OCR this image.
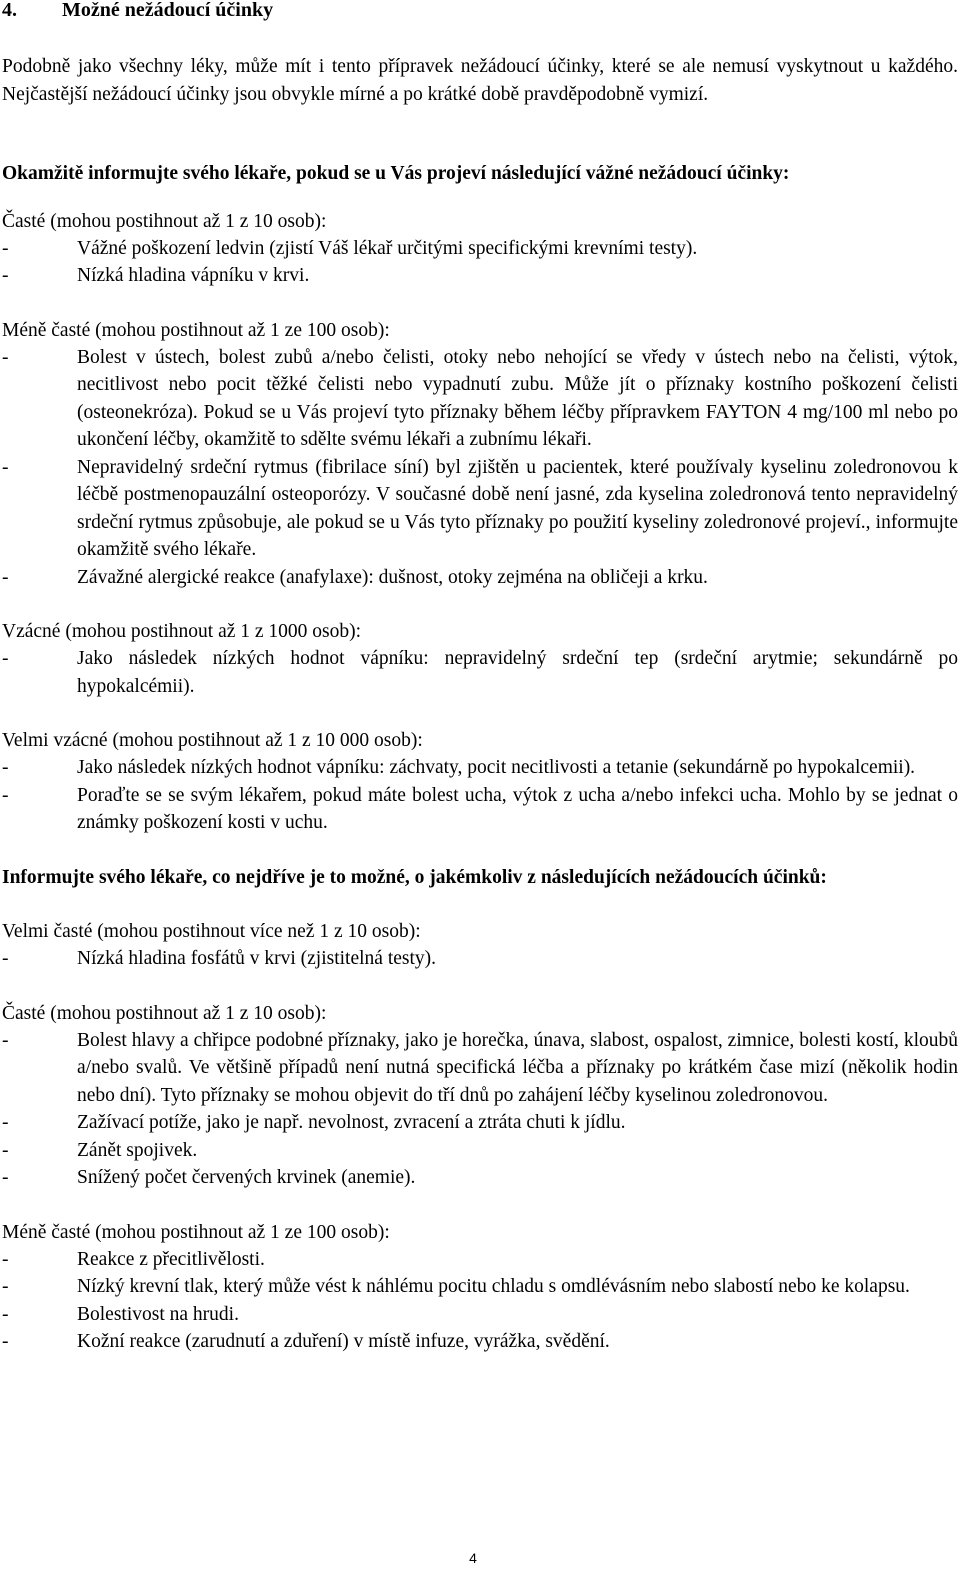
4. Možné nežádoucí účinky

Podobně jako všechny léky, může mít i tento přípravek nežádoucí účinky, které se ale nemusí vyskytnout u každého. Nejčastější nežádoucí účinky jsou obvykle mírné a po krátké době pravděpodobně vymizí.

Okamžitě informujte svého lékaře, pokud se u Vás projeví následující vážné nežádoucí účinky:

Časté (mohou postihnout až 1 z 10 osob):

-	Vážné poškození ledvin (zjistí Váš lékař určitými specifickými krevními testy).
-	Nízká hladina vápníku v krvi.

Méně časté (mohou postihnout až 1 ze 100 osob):

-	Bolest v ústech, bolest zubů a/nebo čelisti, otoky nebo nehojící se vředy v ústech nebo na čelisti, výtok, necitlivost nebo pocit těžké čelisti nebo vypadnutí zubu. Může jít o příznaky kostního poškození čelisti (osteonekróza). Pokud se u Vás projeví tyto příznaky během léčby přípravkem FAYTON 4 mg/100 ml nebo po ukončení léčby, okamžitě to sdělte svému lékaři a zubnímu lékaři.
-	Nepravidelný srdeční rytmus (fibrilace síní) byl zjištěn u pacientek, které používaly kyselinu zoledronovou k léčbě postmenopauzální osteoporózy. V současné době není jasné, zda kyselina zoledronová tento nepravidelný srdeční rytmus způsobuje, ale pokud se u Vás tyto příznaky po použití kyseliny zoledronové projeví., informujte okamžitě svého lékaře.
-	Závažné alergické reakce (anafylaxe): dušnost, otoky zejména na obličeji a krku.

Vzácné (mohou postihnout až 1 z 1000 osob):

-	Jako následek nízkých hodnot vápníku: nepravidelný srdeční tep (srdeční arytmie; sekundárně po hypokalcémii).

Velmi vzácné (mohou postihnout až 1 z 10 000 osob):

-	Jako následek nízkých hodnot vápníku: záchvaty, pocit necitlivosti a tetanie (sekundárně po hypokalcemii).
-	Poraďte se se svým lékařem, pokud máte bolest ucha, výtok z ucha a/nebo infekci ucha. Mohlo by se jednat o známky poškození kosti v uchu.

Informujte svého lékaře, co nejdříve je to možné, o jakémkoliv z následujících nežádoucích účinků:

Velmi časté (mohou postihnout více než 1 z 10 osob):

-	Nízká hladina fosfátů v krvi (zjistitelná testy).

Časté (mohou postihnout až 1 z 10 osob):

-	Bolest hlavy a chřipce podobné příznaky, jako je horečka, únava, slabost, ospalost, zimnice, bolesti kostí, kloubů a/nebo svalů. Ve většině případů není nutná specifická léčba a příznaky po krátkém čase mizí (několik hodin nebo dní). Tyto příznaky se mohou objevit do tří dnů po zahájení léčby kyselinou zoledronovou.
-	Zažívací potíže, jako je např. nevolnost, zvracení a ztráta chuti k jídlu.
-	Zánět spojivek.
-	Snížený počet červených krvinek (anemie).

Méně časté (mohou postihnout až 1 ze 100 osob):

-	Reakce z přecitlivělosti.
-	Nízký krevní tlak, který může vést k náhlému pocitu chladu s omdlévásním nebo slabostí nebo ke kolapsu.
-	Bolestivost na hrudi.
-	Kožní reakce (zarudnutí a zduření) v místě infuze, vyrážka, svědění.
4
